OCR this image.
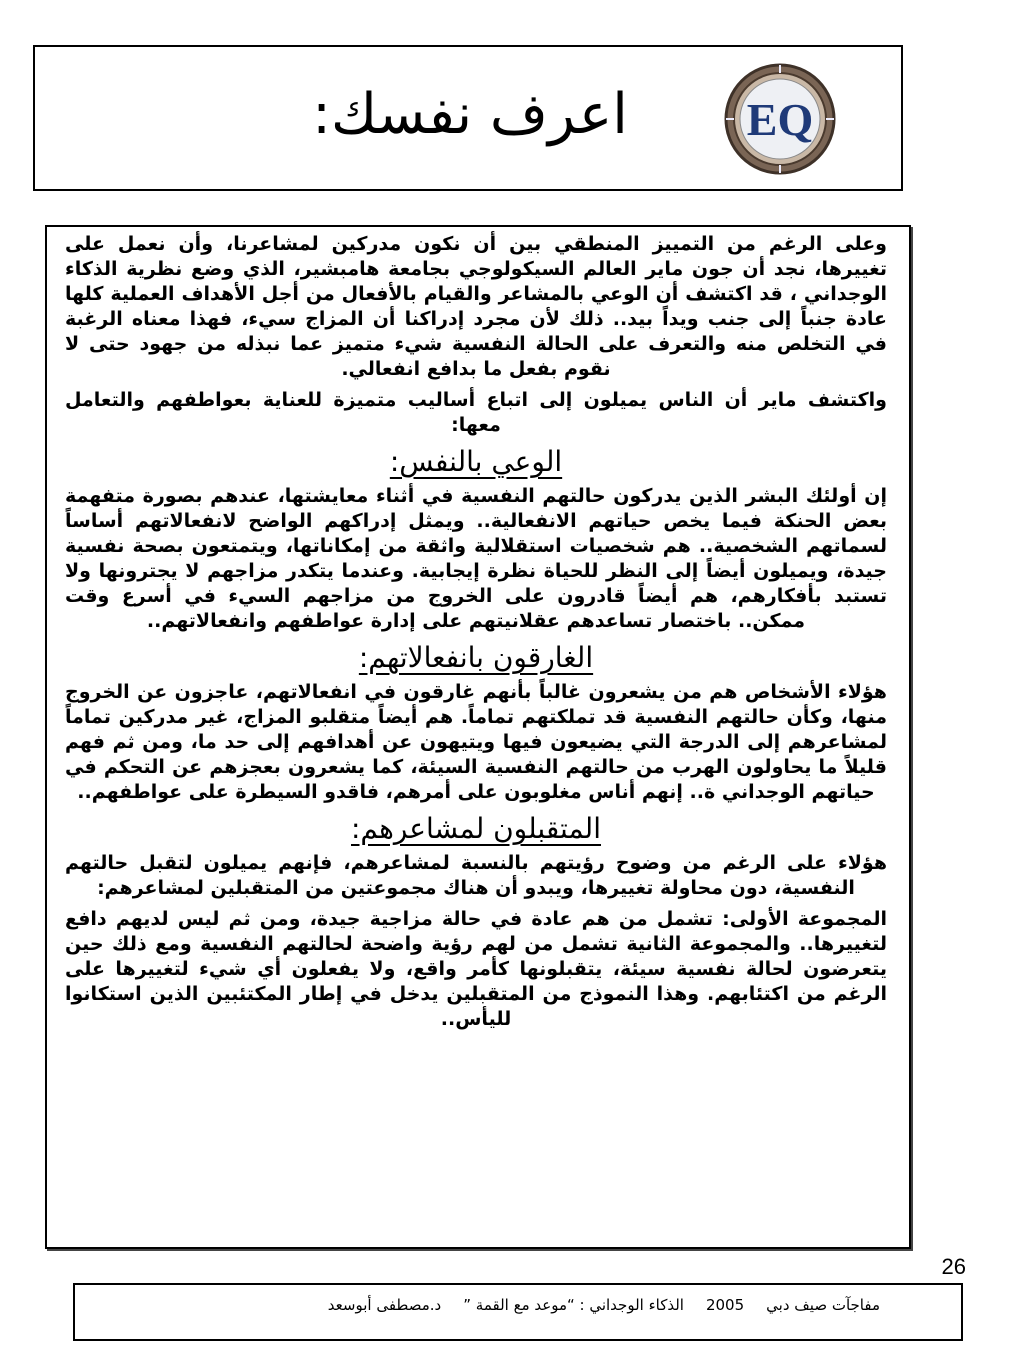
اعرف نفسك:	EQ

وعلى الرغم من التمييز المنطقي بين أن نكون مدركين لمشاعرنا، وأن نعمل على تغييرها، نجد أن جون ماير العالم السيكولوجي بجامعة هامبشير، الذي وضع نظرية الذكاء الوجداني ، قد اكتشف أن الوعي بالمشاعر والقيام بالأفعال من أجل الأهداف العملية كلها عادة جنباً إلى جنب ويداً بيد.. ذلك لأن مجرد إدراكنا أن المزاج سيء، فهذا معناه الرغبة في التخلص منه والتعرف على الحالة النفسية شيء متميز عما نبذله من جهود حتى لا نقوم بفعل ما بدافع انفعالي.

واكتشف ماير أن الناس يميلون إلى اتباع أساليب متميزة للعناية بعواطفهم والتعامل معها:

الوعي بالنفس:

إن أولئك البشر الذين يدركون حالتهم النفسية في أثناء معايشتها، عندهم بصورة متفهمة بعض الحنكة فيما يخص حياتهم الانفعالية.. ويمثل إدراكهم الواضح لانفعالاتهم أساساً لسماتهم الشخصية.. هم شخصيات استقلالية واثقة من إمكاناتها، ويتمتعون بصحة نفسية جيدة، ويميلون أيضاً إلى النظر للحياة نظرة إيجابية. وعندما يتكدر مزاجهم لا يجترونها ولا تستبد بأفكارهم، هم أيضاً قادرون على الخروج من مزاجهم السيء في أسرع وقت ممكن.. باختصار تساعدهم عقلانيتهم على إدارة عواطفهم وانفعالاتهم..

الغارقون بانفعالاتهم:

هؤلاء الأشخاص هم من يشعرون غالباً بأنهم غارقون في انفعالاتهم، عاجزون عن الخروج منها، وكأن حالتهم النفسية قد تملكتهم تماماً. هم أيضاً متقلبو المزاج، غير مدركين تماماً لمشاعرهم إلى الدرجة التي يضيعون فيها ويتيهون عن أهدافهم إلى حد ما، ومن ثم فهم قليلاً ما يحاولون الهرب من حالتهم النفسية السيئة، كما يشعرون بعجزهم عن التحكم في حياتهم الوجداني ة.. إنهم أناس مغلوبون على أمرهم، فاقدو السيطرة على عواطفهم..

المتقبلون لمشاعرهم:

هؤلاء على الرغم من وضوح رؤيتهم بالنسبة لمشاعرهم، فإنهم يميلون لتقبل حالتهم النفسية، دون محاولة تغييرها، ويبدو أن هناك مجموعتين من المتقبلين لمشاعرهم:

المجموعة الأولى: تشمل من هم عادة في حالة مزاجية جيدة، ومن ثم ليس لديهم دافع لتغييرها.. والمجموعة الثانية تشمل من لهم رؤية واضحة لحالتهم النفسية ومع ذلك حين يتعرضون لحالة نفسية سيئة، يتقبلونها كأمر واقع، ولا يفعلون أي شيء لتغييرها على الرغم من اكتئابهم. وهذا النموذج من المتقبلين يدخل في إطار المكتئبين الذين استكانوا لليأس..

26
مفاجآت صيف دبي2005الذكاء الوجداني : “موعد مع القمة ”د.مصطفى أبوسعد
